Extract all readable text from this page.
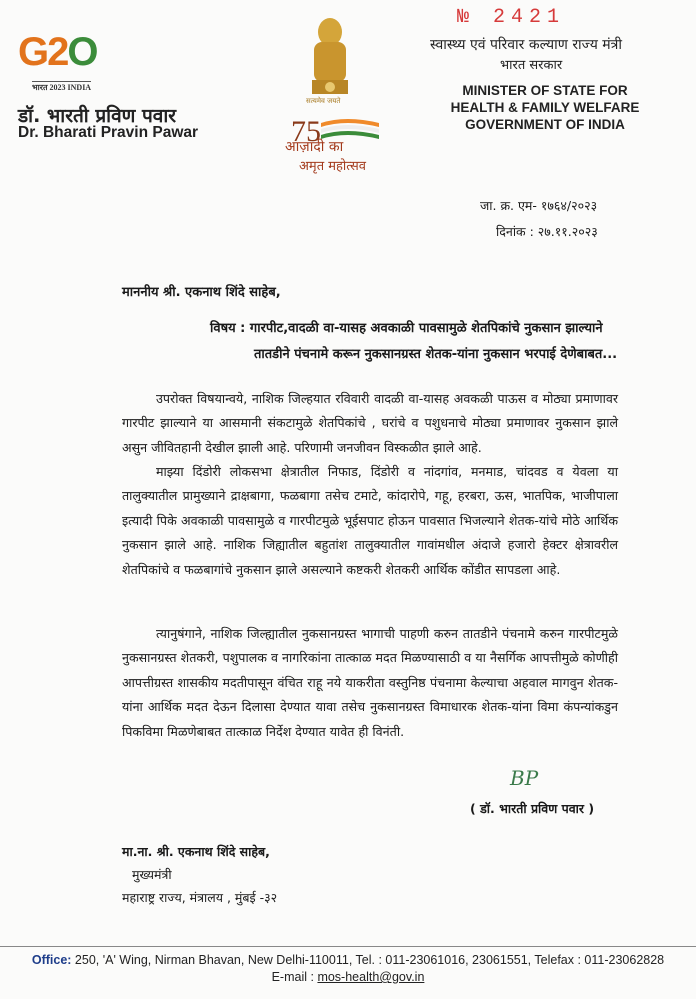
G2O
भारत 2023 INDIA
डॉ. भारती प्रविण पवार
Dr. Bharati Pravin Pawar
सत्यमेव जयते
75
आज़ादी का
अमृत महोत्सव
№ 2421
स्वास्थ्य एवं परिवार कल्याण राज्य मंत्री
भारत सरकार
MINISTER OF STATE FOR
HEALTH & FAMILY WELFARE
GOVERNMENT OF INDIA
जा. क्र. एम- १७६४/२०२३
दिनांक : २७.११.२०२३
माननीय श्री. एकनाथ शिंदे साहेब,
विषय : गारपीट,वादळी वा-यासह अवकाळी पावसामुळे शेतपिकांचे नुकसान झाल्याने
तातडीने पंचनामे करून नुकसानग्रस्त शेतक-यांना नुकसान भरपाई देणेबाबत...

उपरोक्त विषयान्वये, नाशिक जिल्हयात रविवारी वादळी वा-यासह अवकळी पाऊस व मोठ्या प्रमाणावर गारपीट झाल्याने या आसमानी संकटामुळे शेतपिकांचे , घरांचे व पशुधनाचे मोठ्या प्रमाणावर नुकसान झाले असुन जीवितहानी देखील झाली आहे. परिणामी जनजीवन विस्कळीत झाले आहे.

माझ्या दिंडोरी लोकसभा क्षेत्रातील निफाड, दिंडोरी व नांदगांव, मनमाड, चांदवड व येवला या तालुक्यातील प्रामुख्याने द्राक्षबागा, फळबागा तसेच टमाटे, कांदारोपे, गहू, हरबरा, ऊस, भातपिक, भाजीपाला इत्यादी पिके अवकाळी पावसामुळे व गारपीटमुळे भूईसपाट होऊन पावसात भिजल्याने शेतक-यांचे मोठे आर्थिक नुकसान झाले आहे. नाशिक जिह्यातील बहुतांश तालुक्यातील गावांमधील अंदाजे हजारो हेक्टर क्षेत्रावरील शेतपिकांचे व फळबागांचे नुकसान झाले असल्याने कष्टकरी शेतकरी आर्थिक कोंडीत सापडला आहे.

त्यानुषंगाने, नाशिक जिल्ह्यातील नुकसानग्रस्त भागाची पाहणी करुन तातडीने पंचनामे करुन गारपीटमुळे नुकसानग्रस्त शेतकरी, पशुपालक व नागरिकांना तात्काळ मदत मिळण्यासाठी व या नैसर्गिक आपत्तीमुळे कोणीही आपत्तीग्रस्त शासकीय मदतीपासून वंचित राहू नये याकरीता वस्तुनिष्ठ पंचनामा केल्याचा अहवाल मागवुन शेतक-यांना आर्थिक मदत देऊन दिलासा देण्यात यावा तसेच नुकसानग्रस्त विमाधारक शेतक-यांना विमा कंपन्यांकडुन पिकविमा मिळणेबाबत तात्काळ निर्देश देण्यात यावेत ही विनंती.

BP
( डॉ. भारती प्रविण पवार )
मा.ना. श्री. एकनाथ शिंदे साहेब,
मुख्यमंत्री
महाराष्ट्र राज्य, मंत्रालय , मुंबई -३२
Office: 250, 'A' Wing, Nirman Bhavan, New Delhi-110011, Tel. : 011-23061016, 23061551, Telefax : 011-23062828
E-mail : mos-health@gov.in
